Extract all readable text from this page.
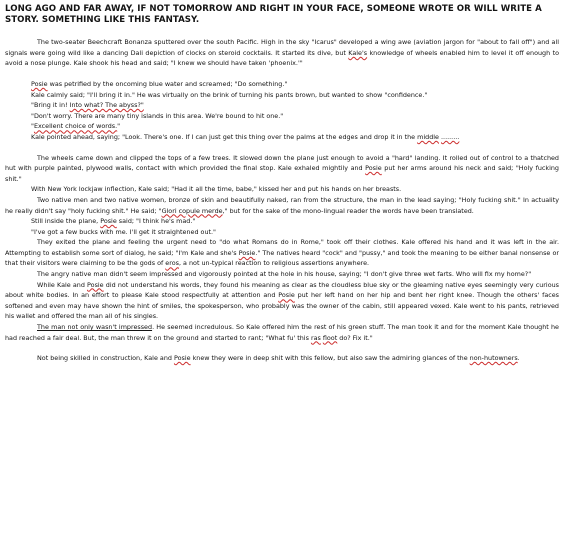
LONG AGO AND FAR AWAY, IF NOT TOMORROW AND RIGHT IN YOUR FACE, SOMEONE WROTE OR WILL WRITE A STORY. SOMETHING LIKE THIS FANTASY.

The two-seater Beechcraft Bonanza sputtered over the south Pacific. High in the sky "Icarus" developed a wing awe (aviation jargon for "about to fall off") and all signals were going wild like a dancing Dali depiction of clocks on steroid cocktails. It started its dive, but Kale's knowledge of wheels enabled him to level it off enough to avoid a nose plunge. Kale shook his head and said; "I knew we should have taken 'phoenix.'"

Posie was petrified by the oncoming blue water and screamed; "Do something."

Kale calmly said; "I'll bring it in." He was virtually on the brink of turning his pants brown, but wanted to show "confidence."

"Bring it in! Into what? The abyss?"

"Don't worry. There are many tiny islands in this area. We're bound to hit one."

"Excellent choice of words."

Kale pointed ahead, saying; "Look. There's one. If I can just get this thing over the palms at the edges and drop it in the middle .........

The wheels came down and clipped the tops of a few trees. It slowed down the plane just enough to avoid a "hard" landing. It rolled out of control to a thatched hut with purple painted, plywood walls, contact with which provided the final stop. Kale exhaled mightily and Posie put her arms around his neck and said; "Holy fucking shit."

With New York lockjaw inflection, Kale said; "Had it all the time, babe," kissed her and put his hands on her breasts.

Two native men and two native women, bronze of skin and beautifully naked, ran from the structure, the man in the lead saying; "Holy fucking shit." In actuality he really didn't say "holy fucking shit." He said; "Glori copule merde," but for the sake of the mono-lingual reader the words have been translated.

Still inside the plane, Posie said; "I think he's mad."

"I've got a few bucks with me. I'll get it straightened out."

They exited the plane and feeling the urgent need to "do what Romans do in Rome," took off their clothes. Kale offered his hand and it was left in the air. Attempting to establish some sort of dialog, he said; "I'm Kale and she's Posie." The natives heard "cock" and "pussy," and took the meaning to be either banal nonsense or that their visitors were claiming to be the gods of eros, a not un-typical reaction to religious assertions anywhere.

The angry native man didn't seem impressed and vigorously pointed at the hole in his house, saying; "I don't give three wet farts. Who will fix my home?"

While Kale and Posie did not understand his words, they found his meaning as clear as the cloudless blue sky or the gleaming native eyes seemingly very curious about white bodies. In an effort to please Kale stood respectfully at attention and Posie put her left hand on her hip and bent her right knee. Though the others' faces softened and even may have shown the hint of smiles, the spokesperson, who probably was the owner of the cabin, still appeared vexed. Kale went to his pants, retrieved his wallet and offered the man all of his singles.

The man not only wasn't impressed. He seemed incredulous. So Kale offered him the rest of his green stuff. The man took it and for the moment Kale thought he had reached a fair deal. But, the man threw it on the ground and started to rant; "What fu' this ras floot do? Fix it."

Not being skilled in construction, Kale and Posie knew they were in deep shit with this fellow, but also saw the admiring glances of the non-hutowners.
